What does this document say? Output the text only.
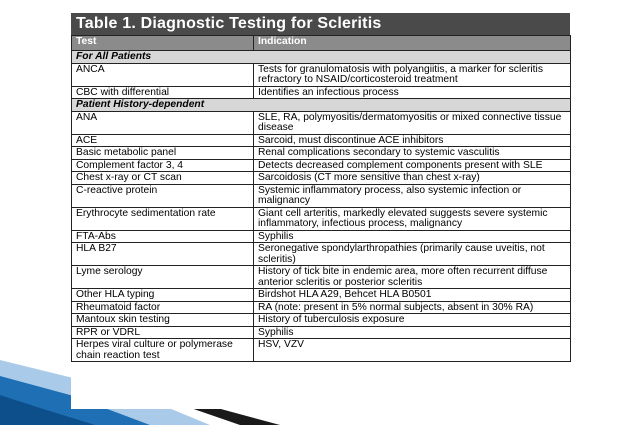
Table 1. Diagnostic Testing for Scleritis
Test	Indication
For All Patients	
ANCA	Tests for granulomatosis with polyangiitis, a marker for scleritis refractory to NSAID/corticosteroid treatment
CBC with differential	Identifies an infectious process
Patient History-dependent	
ANA	SLE, RA, polymyositis/dermatomyositis or mixed connective tissue disease
ACE	Sarcoid, must discontinue ACE inhibitors
Basic metabolic panel	Renal complications secondary to systemic vasculitis
Complement factor 3, 4	Detects decreased complement components present with SLE
Chest x-ray or CT scan	Sarcoidosis (CT more sensitive than chest x-ray)
C-reactive protein	Systemic inflammatory process, also systemic infection or malignancy
Erythrocyte sedimentation rate	Giant cell arteritis, markedly elevated suggests severe systemic inflammatory, infectious process, malignancy
FTA-Abs	Syphilis
HLA B27	Seronegative spondylarthropathies (primarily cause uveitis, not scleritis)
Lyme serology	History of tick bite in endemic area, more often recurrent diffuse anterior scleritis or posterior scleritis
Other HLA typing	Birdshot HLA A29, Behcet HLA B0501
Rheumatoid factor	RA (note: present in 5% normal subjects, absent in 30% RA)
Mantoux skin testing	History of tuberculosis exposure
RPR or VDRL	Syphilis
Herpes viral culture or polymerase chain reaction test	HSV, VZV
